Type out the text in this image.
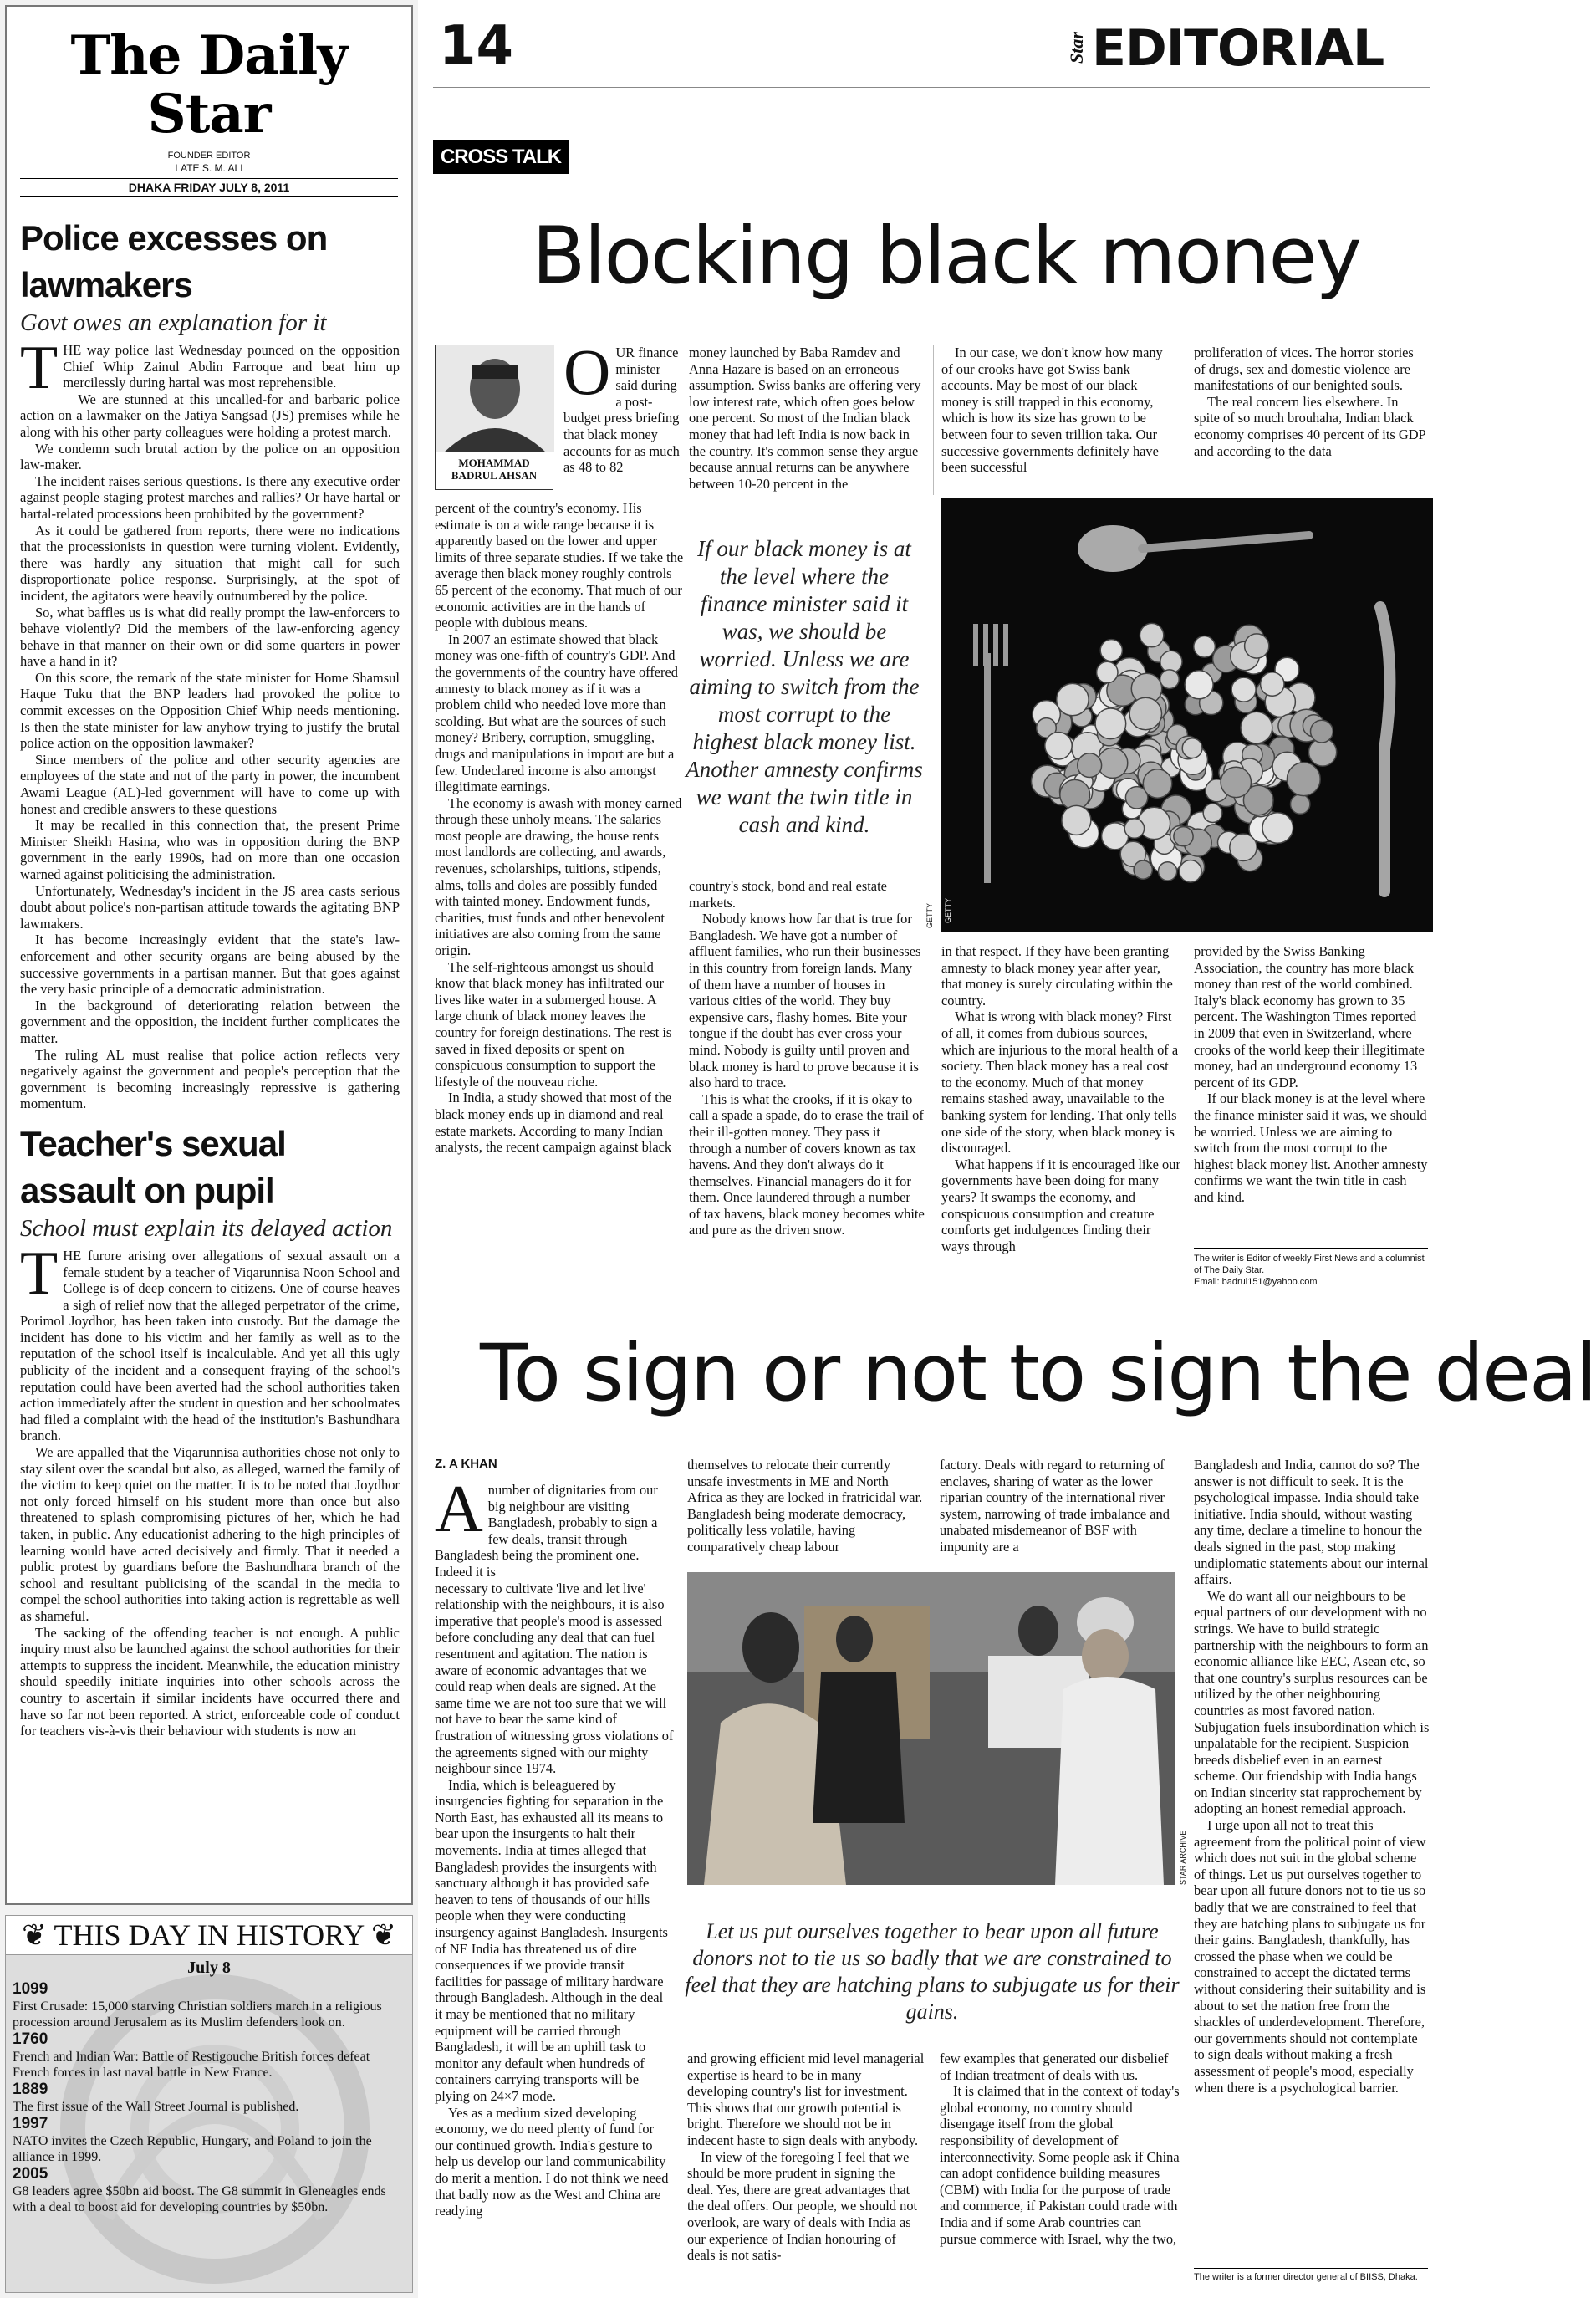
The Daily Star
FOUNDER EDITOR
LATE S. M. ALI
DHAKA FRIDAY JULY 8, 2011
Police excesses on lawmakers
Govt owes an explanation for it

THE way police last Wednesday pounced on the opposition Chief Whip Zainul Abdin Farroque and beat him up mercilessly during hartal was most reprehensible.

We are stunned at this uncalled-for and barbaric police action on a lawmaker on the Jatiya Sangsad (JS) premises while he along with his other party colleagues were holding a protest march.

We condemn such brutal action by the police on an opposition law-maker.

The incident raises serious questions. Is there any executive order against people staging protest marches and rallies? Or have hartal or hartal-related processions been prohibited by the government?

As it could be gathered from reports, there were no indications that the processionists in question were turning violent. Evidently, there was hardly any situation that might call for such disproportionate police response. Surprisingly, at the spot of incident, the agitators were heavily outnumbered by the police.

So, what baffles us is what did really prompt the law-enforcers to behave violently? Did the members of the law-enforcing agency behave in that manner on their own or did some quarters in power have a hand in it?

On this score, the remark of the state minister for Home Shamsul Haque Tuku that the BNP leaders had provoked the police to commit excesses on the Opposition Chief Whip needs mentioning. Is then the state minister for law anyhow trying to justify the brutal police action on the opposition lawmaker?

Since members of the police and other security agencies are employees of the state and not of the party in power, the incumbent Awami League (AL)-led government will have to come up with honest and credible answers to these questions

It may be recalled in this connection that, the present Prime Minister Sheikh Hasina, who was in opposition during the BNP government in the early 1990s, had on more than one occasion warned against politicising the administration.

Unfortunately, Wednesday's incident in the JS area casts serious doubt about police's non-partisan attitude towards the agitating BNP lawmakers.

It has become increasingly evident that the state's law-enforcement and other security organs are being abused by the successive governments in a partisan manner. But that goes against the very basic principle of a democratic administration.

In the background of deteriorating relation between the government and the opposition, the incident further complicates the matter.

The ruling AL must realise that police action reflects very negatively against the government and people's perception that the government is becoming increasingly repressive is gathering momentum.

Teacher's sexual assault on pupil
School must explain its delayed action

THE furore arising over allegations of sexual assault on a female student by a teacher of Viqarunnisa Noon School and College is of deep concern to citizens. One of course heaves a sigh of relief now that the alleged perpetrator of the crime, Porimol Joydhor, has been taken into custody. But the damage the incident has done to his victim and her family as well as to the reputation of the school itself is incalculable. And yet all this ugly publicity of the incident and a consequent fraying of the school's reputation could have been averted had the school authorities taken action immediately after the student in question and her schoolmates had filed a complaint with the head of the institution's Bashundhara branch.

We are appalled that the Viqarunnisa authorities chose not only to stay silent over the scandal but also, as alleged, warned the family of the victim to keep quiet on the matter. It is to be noted that Joydhor not only forced himself on his student more than once but also threatened to splash compromising pictures of her, which he had taken, in public. Any educationist adhering to the high principles of learning would have acted decisively and firmly. That it needed a public protest by guardians before the Bashundhara branch of the school and resultant publicising of the scandal in the media to compel the school authorities into taking action is regrettable as well as shameful.

The sacking of the offending teacher is not enough. A public inquiry must also be launched against the school authorities for their attempts to suppress the incident. Meanwhile, the education ministry should speedily initiate inquiries into other schools across the country to ascertain if similar incidents have occurred there and have so far not been reported. A strict, enforceable code of conduct for teachers vis-à-vis their behaviour with students is now an

❦ THIS DAY IN HISTORY ❦
July 8
1099
First Crusade: 15,000 starving Christian soldiers march in a religious procession around Jerusalem as its Muslim defenders look on.
1760
French and Indian War: Battle of Restigouche British forces defeat French forces in last naval battle in New France.
1889
The first issue of the Wall Street Journal is published.
1997
NATO invites the Czech Republic, Hungary, and Poland to join the alliance in 1999.
2005
G8 leaders agree $50bn aid boost. The G8 summit in Gleneagles ends with a deal to boost aid for developing countries by $50bn.
14	Star EDITORIAL
CROSS TALK
Blocking black money
MOHAMMAD
BADRUL AHSAN
OUR finance minister said during a post-budget press briefing that black money accounts for as much as 48 to 82

percent of the country's economy. His estimate is on a wide range because it is apparently based on the lower and upper limits of three separate studies. If we take the average then black money roughly controls 65 percent of the economy. That much of our economic activities are in the hands of people with dubious means.

In 2007 an estimate showed that black money was one-fifth of country's GDP. And the governments of the country have offered amnesty to black money as if it was a problem child who needed love more than scolding. But what are the sources of such money? Bribery, corruption, smuggling, drugs and manipulations in import are but a few. Undeclared income is also amongst illegitimate earnings.

The economy is awash with money earned through these unholy means. The salaries most people are drawing, the house rents most landlords are collecting, and awards, revenues, scholarships, tuitions, stipends, alms, tolls and doles are possibly funded with tainted money. Endowment funds, charities, trust funds and other benevolent initiatives are also coming from the same origin.

The self-righteous amongst us should know that black money has infiltrated our lives like water in a submerged house. A large chunk of black money leaves the country for foreign destinations. The rest is saved in fixed deposits or spent on conspicuous consumption to support the lifestyle of the nouveau riche.

In India, a study showed that most of the black money ends up in diamond and real estate markets. According to many Indian analysts, the recent campaign against black

money launched by Baba Ramdev and Anna Hazare is based on an erroneous assumption. Swiss banks are offering very low interest rate, which often goes below one percent. So most of the Indian black money that had left India is now back in the country. It's common sense they argue because annual returns can be anywhere between 10-20 percent in the

If our black money is at the level where the finance minister said it was, we should be worried. Unless we are aiming to switch from the most corrupt to the highest black money list. Another amnesty confirms we want the twin title in cash and kind.

country's stock, bond and real estate markets.

Nobody knows how far that is true for Bangladesh. We have got a number of affluent families, who run their businesses in this country from foreign lands. Many of them have a number of houses in various cities of the world. They buy expensive cars, flashy homes. Bite your tongue if the doubt has ever cross your mind. Nobody is guilty until proven and black money is hard to prove because it is also hard to trace.

This is what the crooks, if it is okay to call a spade a spade, do to erase the trail of their ill-gotten money. They pass it through a number of covers known as tax havens. And they don't always do it themselves. Financial managers do it for them. Once laundered through a number of tax havens, black money becomes white and pure as the driven snow.

In our case, we don't know how many of our crooks have got Swiss bank accounts. May be most of our black money is still trapped in this economy, which is how its size has grown to be between four to seven trillion taka. Our successive governments definitely have been successful

proliferation of vices. The horror stories of drugs, sex and domestic violence are manifestations of our benighted souls.

The real concern lies elsewhere. In spite of so much brouhaha, Indian black economy comprises 40 percent of its GDP and according to the data

GETTY
GETTY

in that respect. If they have been granting amnesty to black money year after year, that money is surely circulating within the country.

What is wrong with black money? First of all, it comes from dubious sources, which are injurious to the moral health of a society. Then black money has a real cost to the economy. Much of that money remains stashed away, unavailable to the banking system for lending. That only tells one side of the story, when black money is discouraged.

What happens if it is encouraged like our governments have been doing for many years? It swamps the economy, and conspicuous consumption and creature comforts get indulgences finding their ways through

provided by the Swiss Banking Association, the country has more black money than rest of the world combined. Italy's black economy has grown to 35 percent. The Washington Times reported in 2009 that even in Switzerland, where crooks of the world keep their illegitimate money, had an underground economy 13 percent of its GDP.

If our black money is at the level where the finance minister said it was, we should be worried. Unless we are aiming to switch from the most corrupt to the highest black money list. Another amnesty confirms we want the twin title in cash and kind.

The writer is Editor of weekly First News and a columnist of The Daily Star.
Email: badrul151@yahoo.com
To sign or not to sign the deal
Z. A KHAN

Anumber of dignitaries from our big neighbour are visiting Bangladesh, probably to sign a few deals, transit through Bangladesh being the prominent one. Indeed it is

necessary to cultivate 'live and let live' relationship with the neighbours, it is also imperative that people's mood is assessed before concluding any deal that can fuel resentment and agitation. The nation is aware of economic advantages that we could reap when deals are signed. At the same time we are not too sure that we will not have to bear the same kind of frustration of witnessing gross violations of the agreements signed with our mighty neighbour since 1974.

India, which is beleaguered by insurgencies fighting for separation in the North East, has exhausted all its means to bear upon the insurgents to halt their movements. India at times alleged that Bangladesh provides the insurgents with sanctuary although it has provided safe heaven to tens of thousands of our hills people when they were conducting insurgency against Bangladesh. Insurgents of NE India has threatened us of dire consequences if we provide transit facilities for passage of military hardware through Bangladesh. Although in the deal it may be mentioned that no military equipment will be carried through Bangladesh, it will be an uphill task to monitor any default when hundreds of containers carrying transports will be plying on 24×7 mode.

Yes as a medium sized developing economy, we do need plenty of fund for our continued growth. India's gesture to help us develop our land communicability do merit a mention. I do not think we need that badly now as the West and China are readying

themselves to relocate their currently unsafe investments in ME and North Africa as they are locked in fratricidal war. Bangladesh being moderate democracy, politically less volatile, having comparatively cheap labour

factory. Deals with regard to returning of enclaves, sharing of water as the lower riparian country of the international river system, narrowing of trade imbalance and unabated misdemeanor of BSF with impunity are a

STAR ARCHIVE
Let us put ourselves together to bear upon all future donors not to tie us so badly that we are constrained to feel that they are hatching plans to subjugate us for their gains.

and growing efficient mid level managerial expertise is heard to be in many developing country's list for investment. This shows that our growth potential is bright. Therefore we should not be in indecent haste to sign deals with anybody.

In view of the foregoing I feel that we should be more prudent in signing the deal. Yes, there are great advantages that the deal offers. Our people, we should not overlook, are wary of deals with India as our experience of Indian honouring of deals is not satis-

few examples that generated our disbelief of Indian treatment of deals with us.

It is claimed that in the context of today's global economy, no country should disengage itself from the global responsibility of development of interconnectivity. Some people ask if China can adopt confidence building measures (CBM) with India for the purpose of trade and commerce, if Pakistan could trade with India and if some Arab countries can pursue commerce with Israel, why the two,

Bangladesh and India, cannot do so? The answer is not difficult to seek. It is the psychological impasse. India should take initiative. India should, without wasting any time, declare a timeline to honour the deals signed in the past, stop making undiplomatic statements about our internal affairs.

We do want all our neighbours to be equal partners of our development with no strings. We have to build strategic partnership with the neighbours to form an economic alliance like EEC, Asean etc, so that one country's surplus resources can be utilized by the other neighbouring countries as most favored nation. Subjugation fuels insubordination which is unpalatable for the recipient. Suspicion breeds disbelief even in an earnest scheme. Our friendship with India hangs on Indian sincerity stat rapprochement by adopting an honest remedial approach.

I urge upon all not to treat this agreement from the political point of view which does not suit in the global scheme of things. Let us put ourselves together to bear upon all future donors not to tie us so badly that we are constrained to feel that they are hatching plans to subjugate us for their gains. Bangladesh, thankfully, has crossed the phase when we could be constrained to accept the dictated terms without considering their suitability and is about to set the nation free from the shackles of underdevelopment. Therefore, our governments should not contemplate to sign deals without making a fresh assessment of people's mood, especially when there is a psychological barrier.

The writer is a former director general of BIISS, Dhaka.
